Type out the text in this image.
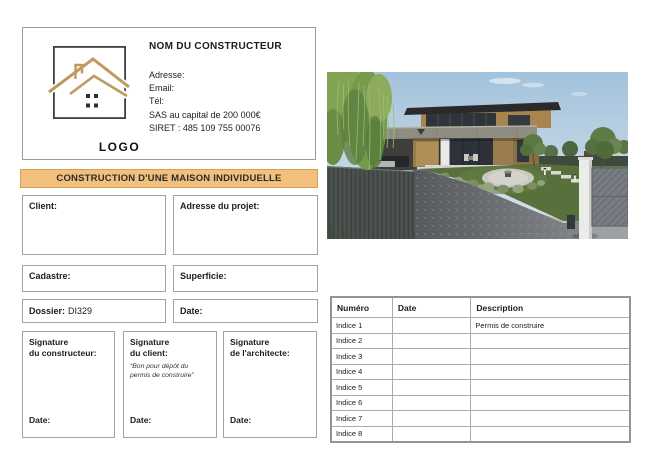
LOGO
NOM DU CONSTRUCTEUR
Adresse:
Email:
Tél:
SAS au capital de 200 000€
SIRET : 485 109 755 00076
CONSTRUCTION D'UNE MAISON INDIVIDUELLE
Client:	Adresse du projet:
Cadastre:	Superficie:
Dossier: DI329	Date:
Signature
du constructeur:
Date:
Signature
du client:
“Bon pour dépôt du permis de construire”
Date:
Signature
de l'architecte:
Date:
Numéro	Date	Description
Indice 1		Permis de construire
Indice 2		
Indice 3		
Indice 4		
Indice 5		
Indice 6		
Indice 7		
Indice 8		
